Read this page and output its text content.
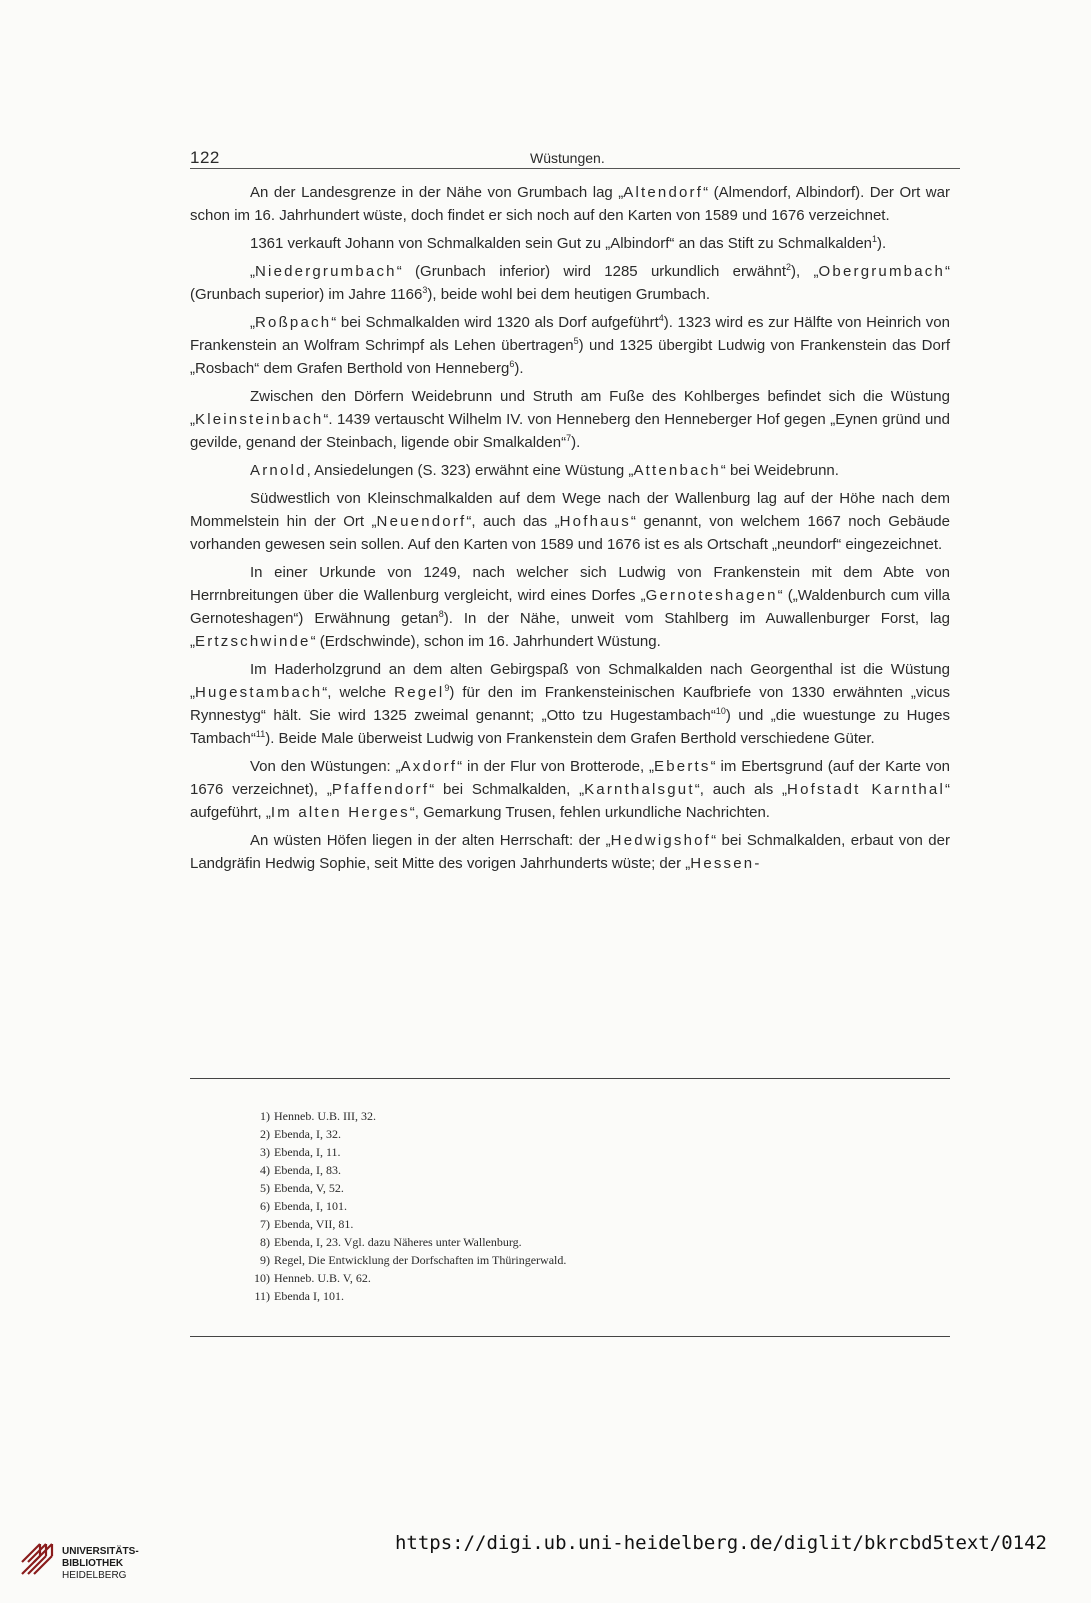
122	Wüstungen.

An der Landesgrenze in der Nähe von Grumbach lag „Altendorf“ (Almendorf, Albindorf). Der Ort war schon im 16. Jahrhundert wüste, doch findet er sich noch auf den Karten von 1589 und 1676 verzeichnet.

1361 verkauft Johann von Schmalkalden sein Gut zu „Albindorf“ an das Stift zu Schmalkalden$^1$).

„Niedergrumbach“ (Grunbach inferior) wird 1285 urkundlich erwähnt$^2$), „Obergrumbach“ (Grunbach superior) im Jahre 1166$^3$), beide wohl bei dem heutigen Grumbach.

„Roßpach“ bei Schmalkalden wird 1320 als Dorf aufgeführt$^4$). 1323 wird es zur Hälfte von Heinrich von Frankenstein an Wolfram Schrimpf als Lehen übertragen$^5$) und 1325 übergibt Ludwig von Frankenstein das Dorf „Rosbach“ dem Grafen Berthold von Henneberg$^6$).

Zwischen den Dörfern Weidebrunn und Struth am Fuße des Kohlberges befindet sich die Wüstung „Kleinsteinbach“. 1439 vertauscht Wilhelm IV. von Henneberg den Henneberger Hof gegen „Eynen gründ und gevilde, genand der Steinbach, ligende obir Smalkalden“$^7$).

Arnold, Ansiedelungen (S. 323) erwähnt eine Wüstung „Attenbach“ bei Weidebrunn.

Südwestlich von Kleinschmalkalden auf dem Wege nach der Wallenburg lag auf der Höhe nach dem Mommelstein hin der Ort „Neuendorf“, auch das „Hofhaus“ genannt, von welchem 1667 noch Gebäude vorhanden gewesen sein sollen. Auf den Karten von 1589 und 1676 ist es als Ortschaft „neundorf“ eingezeichnet.

In einer Urkunde von 1249, nach welcher sich Ludwig von Frankenstein mit dem Abte von Herrnbreitungen über die Wallenburg vergleicht, wird eines Dorfes „Gernoteshagen“ („Waldenburch cum villa Gernoteshagen“) Erwähnung getan$^8$). In der Nähe, unweit vom Stahlberg im Auwallenburger Forst, lag „Ertzschwinde“ (Erdschwinde), schon im 16. Jahrhundert Wüstung.

Im Haderholzgrund an dem alten Gebirgspaß von Schmalkalden nach Georgenthal ist die Wüstung „Hugestambach“, welche Regel$^9$) für den im Frankensteinischen Kaufbriefe von 1330 erwähnten „vicus Rynnestyg“ hält. Sie wird 1325 zweimal genannt; „Otto tzu Hugestambach“$^{10}$) und „die wuestunge zu Huges Tambach“$^{11}$). Beide Male überweist Ludwig von Frankenstein dem Grafen Berthold verschiedene Güter.

Von den Wüstungen: „Axdorf“ in der Flur von Brotterode, „Eberts“ im Ebertsgrund (auf der Karte von 1676 verzeichnet), „Pfaffendorf“ bei Schmalkalden, „Karnthalsgut“, auch als „Hofstadt Karnthal“ aufgeführt, „Im alten Herges“, Gemarkung Trusen, fehlen urkundliche Nachrichten.

An wüsten Höfen liegen in der alten Herrschaft: der „Hedwigshof“ bei Schmalkalden, erbaut von der Landgräfin Hedwig Sophie, seit Mitte des vorigen Jahrhunderts wüste; der „Hessen-

1) Henneb. U.B. III, 32.
2) Ebenda, I, 32.
3) Ebenda, I, 11.
4) Ebenda, I, 83.
5) Ebenda, V, 52.
6) Ebenda, I, 101.
7) Ebenda, VII, 81.
8) Ebenda, I, 23. Vgl. dazu Näheres unter Wallenburg.
9) Regel, Die Entwicklung der Dorfschaften im Thüringerwald.
10) Henneb. U.B. V, 62.
11) Ebenda I, 101.
UNIVERSITÄTS-
BIBLIOTHEK
HEIDELBERG
https://digi.ub.uni-heidelberg.de/diglit/bkrcbd5text/0142
